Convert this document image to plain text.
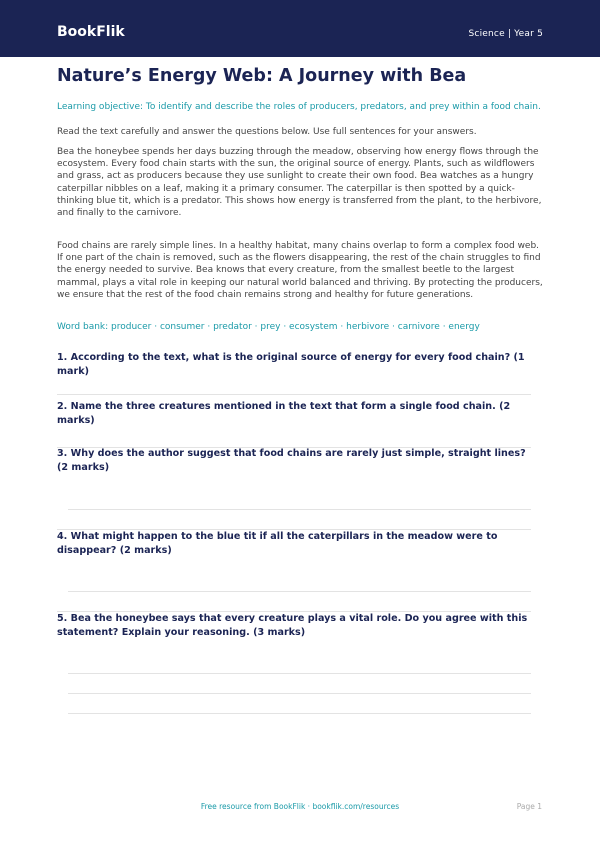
BookFlik	Science | Year 5
Nature’s Energy Web: A Journey with Bea
Learning objective: To identify and describe the roles of producers, predators, and prey within a food chain.
Read the text carefully and answer the questions below. Use full sentences for your answers.

Bea the honeybee spends her days buzzing through the meadow, observing how energy flows through the ecosystem. Every food chain starts with the sun, the original source of energy. Plants, such as wildflowers and grass, act as producers because they use sunlight to create their own food. Bea watches as a hungry caterpillar nibbles on a leaf, making it a primary consumer. The caterpillar is then spotted by a quick-thinking blue tit, which is a predator. This shows how energy is transferred from the plant, to the herbivore, and finally to the carnivore.

Food chains are rarely simple lines. In a healthy habitat, many chains overlap to form a complex food web. If one part of the chain is removed, such as the flowers disappearing, the rest of the chain struggles to find the energy needed to survive. Bea knows that every creature, from the smallest beetle to the largest mammal, plays a vital role in keeping our natural world balanced and thriving. By protecting the producers, we ensure that the rest of the food chain remains strong and healthy for future generations.

Word bank: producer · consumer · predator · prey · ecosystem · herbivore · carnivore · energy

1. According to the text, what is the original source of energy for every food chain? (1 mark)

2. Name the three creatures mentioned in the text that form a single food chain. (2 marks)

3. Why does the author suggest that food chains are rarely just simple, straight lines? (2 marks)

4. What might happen to the blue tit if all the caterpillars in the meadow were to disappear? (2 marks)

5. Bea the honeybee says that every creature plays a vital role. Do you agree with this statement? Explain your reasoning. (3 marks)

Free resource from BookFlik · bookflik.com/resources	Page 1
